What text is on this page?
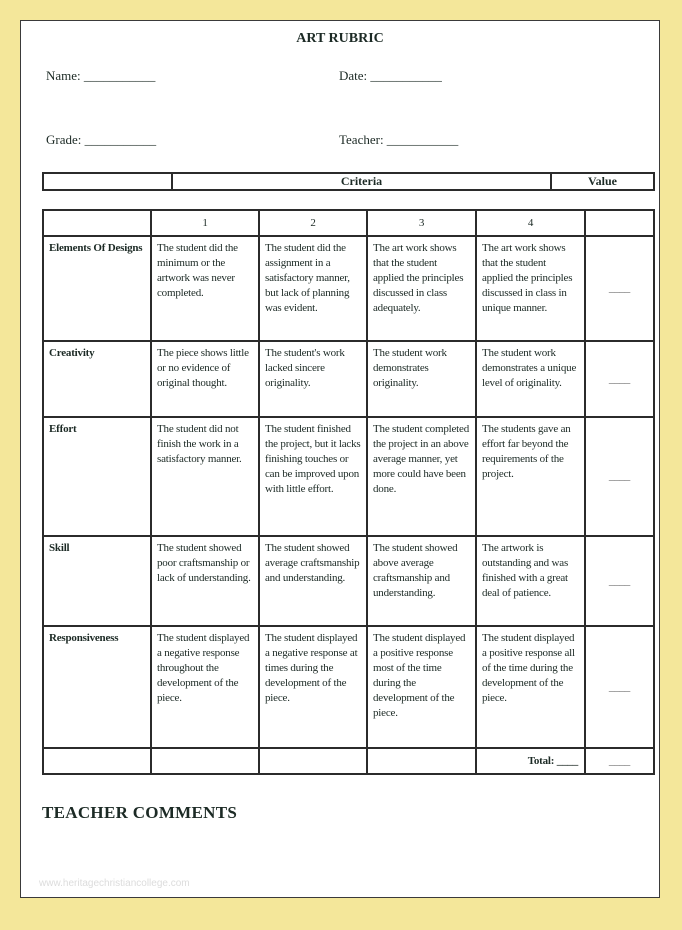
ART RUBRIC
Name: ___________	Date: ___________
Grade: ___________	Teacher: ___________
	Criteria	Value
	1	2	3	4	
Elements Of Designs	The student did the minimum or the artwork was never completed.	The student did the assignment in a satisfactory manner, but lack of planning was evident.	The art work shows that the student applied the principles discussed in class adequately.	The art work shows that the student applied the principles discussed in class in unique manner.	____
Creativity	The piece shows little or no evidence of original thought.	The student's work lacked sincere originality.	The student work demonstrates originality.	The student work demonstrates a unique level of originality.	____
Effort	The student did not finish the work in a satisfactory manner.	The student finished the project, but it lacks finishing touches or can be improved upon with little effort.	The student completed the project in an above average manner, yet more could have been done.	The students gave an effort far beyond the requirements of the project.	____
Skill	The student showed poor craftsmanship or lack of understanding.	The student showed average craftsmanship and understanding.	The student showed above average craftsmanship and understanding.	The artwork is outstanding and was finished with a great deal of patience.	____
Responsiveness	The student displayed a negative response throughout the development of the piece.	The student displayed a negative response at times during the development of the piece.	The student displayed a positive response most of the time during the development of the piece.	The student displayed a positive response all of the time during the development of the piece.	____
				Total: ____	____
TEACHER COMMENTS
www.heritagechristiancollege.com
